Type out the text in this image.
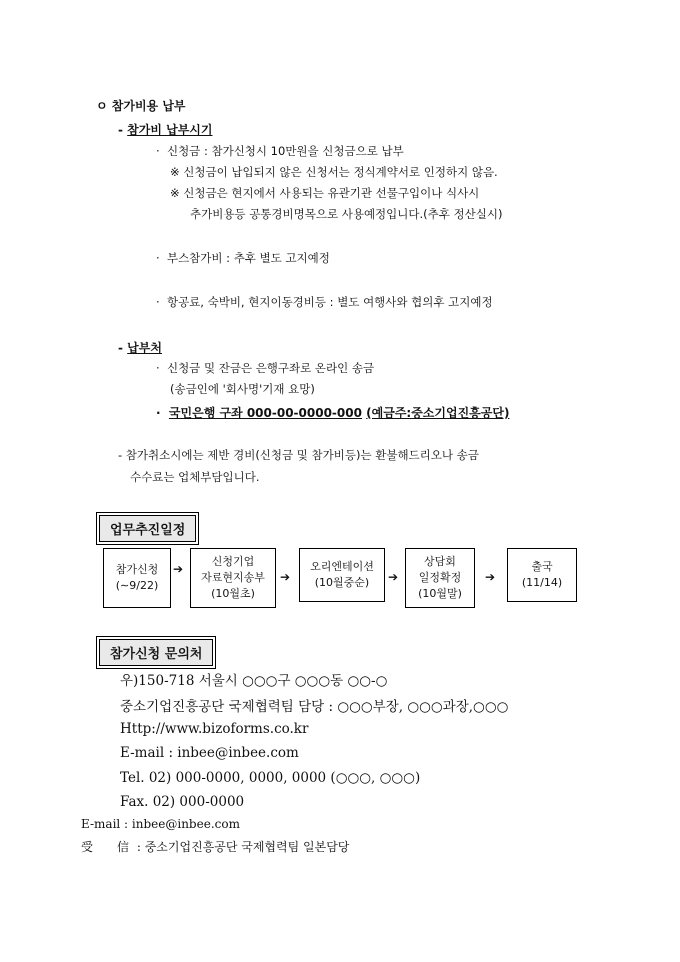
ㅇ 참가비용 납부
- 참가비 납부시기
·  신청금 : 참가신청시 10만원을 신청금으로 납부
※ 신청금이 납입되지 않은 신청서는 정식계약서로 인정하지 않음.
※ 신청금은 현지에서 사용되는 유관기관 선물구입이나 식사시
추가비용등 공통경비명목으로 사용예정입니다.(추후 정산실시)
·  부스참가비 : 추후 별도 고지예정
·  항공료, 숙박비, 현지이동경비등 : 별도 여행사와 협의후 고지예정
- 납부처
·  신청금 및 잔금은 은행구좌로 온라인 송금
(송금인에 '회사명'기재 요망)
·  국민은행 구좌 000-00-0000-000 (예금주:중소기업진흥공단)
- 참가취소시에는 제반 경비(신청금 및 참가비등)는 환불해드리오나 송금
수수료는 업체부담입니다.
업무추진일정
참가신청
(∼9/22)
➔
신청기업
자료현지송부
(10월초)
➔
오리엔테이션
(10월중순)	➔
상담회
일정확정
(10월말)
➔
출국
(11/14)
참가신청 문의처
우)150-718 서울시 ○○○구 ○○○동 ○○-○
중소기업진흥공단 국제협력팀 담당 : ○○○부장, ○○○과장,○○○
Http://www.bizoforms.co.kr
E-mail : inbee@inbee.com
Tel. 02) 000-0000, 0000, 0000 (○○○, ○○○)
Fax. 02) 000-0000
E-mail : inbee@inbee.com
受　　信 : 중소기업진흥공단 국제협력팀 일본담당
